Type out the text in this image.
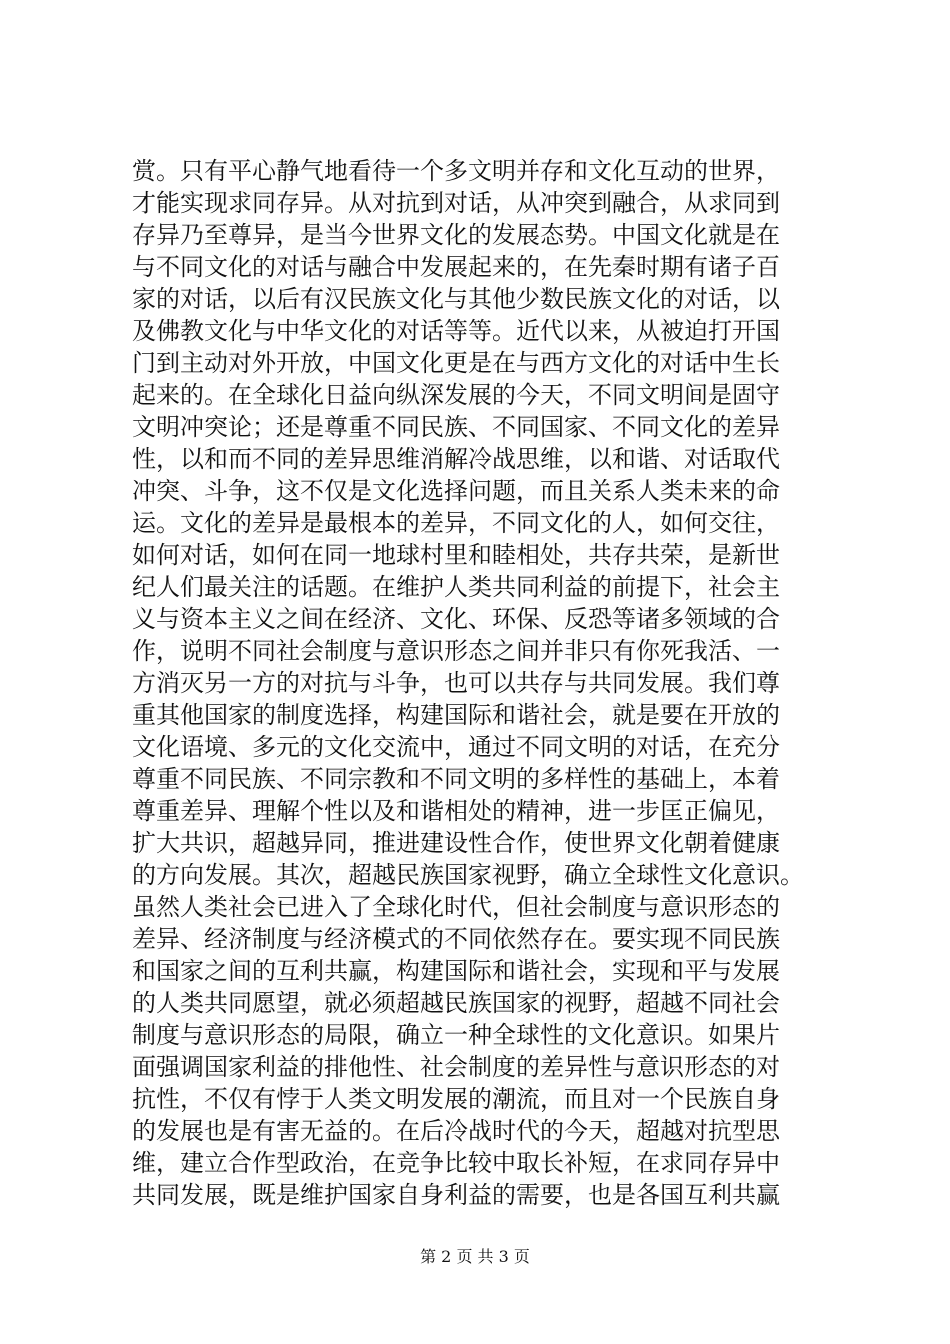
赏。只有平心静气地看待一个多文明并存和文化互动的世界，
才能实现求同存异。从对抗到对话，从冲突到融合，从求同到
存异乃至尊异，是当今世界文化的发展态势。中国文化就是在
与不同文化的对话与融合中发展起来的，在先秦时期有诸子百
家的对话，以后有汉民族文化与其他少数民族文化的对话，以
及佛教文化与中华文化的对话等等。近代以来，从被迫打开国
门到主动对外开放，中国文化更是在与西方文化的对话中生长
起来的。在全球化日益向纵深发展的今天，不同文明间是固守
文明冲突论；还是尊重不同民族、不同国家、不同文化的差异
性，以和而不同的差异思维消解冷战思维，以和谐、对话取代
冲突、斗争，这不仅是文化选择问题，而且关系人类未来的命
运。文化的差异是最根本的差异，不同文化的人，如何交往，
如何对话，如何在同一地球村里和睦相处，共存共荣，是新世
纪人们最关注的话题。在维护人类共同利益的前提下，社会主
义与资本主义之间在经济、文化、环保、反恐等诸多领域的合
作，说明不同社会制度与意识形态之间并非只有你死我活、一
方消灭另一方的对抗与斗争，也可以共存与共同发展。我们尊
重其他国家的制度选择，构建国际和谐社会，就是要在开放的
文化语境、多元的文化交流中，通过不同文明的对话，在充分
尊重不同民族、不同宗教和不同文明的多样性的基础上，本着
尊重差异、理解个性以及和谐相处的精神，进一步匡正偏见，
扩大共识，超越异同，推进建设性合作，使世界文化朝着健康
的方向发展。其次，超越民族国家视野，确立全球性文化意识。
虽然人类社会已进入了全球化时代，但社会制度与意识形态的
差异、经济制度与经济模式的不同依然存在。要实现不同民族
和国家之间的互利共赢，构建国际和谐社会，实现和平与发展
的人类共同愿望，就必须超越民族国家的视野，超越不同社会
制度与意识形态的局限，确立一种全球性的文化意识。如果片
面强调国家利益的排他性、社会制度的差异性与意识形态的对
抗性，不仅有悖于人类文明发展的潮流，而且对一个民族自身
的发展也是有害无益的。在后冷战时代的今天，超越对抗型思
维，建立合作型政治，在竞争比较中取长补短，在求同存异中
共同发展，既是维护国家自身利益的需要，也是各国互利共赢
第 2 页 共 3 页
